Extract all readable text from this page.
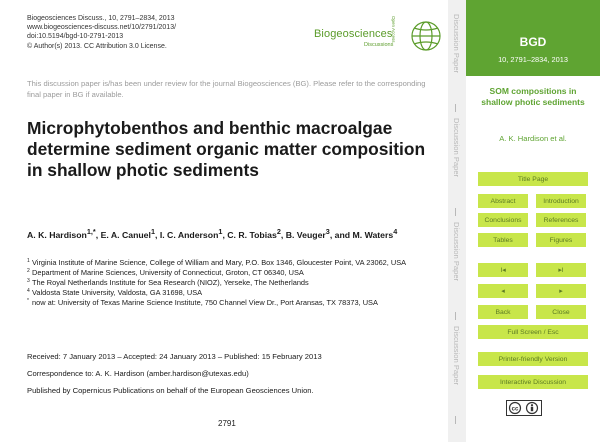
Biogeosciences Discuss., 10, 2791–2834, 2013
www.biogeosciences-discuss.net/10/2791/2013/
doi:10.5194/bgd-10-2791-2013
© Author(s) 2013. CC Attribution 3.0 License.
Biogeosciences
Discussions
Open Access
This discussion paper is/has been under review for the journal Biogeosciences (BG). Please refer to the corresponding final paper in BG if available.
Microphytobenthos and benthic macroalgae determine sediment organic matter composition in shallow photic sediments
A. K. Hardison$^{1,*}$, E. A. Canuel$^1$, I. C. Anderson$^1$, C. R. Tobias$^2$, B. Veuger$^3$, and M. Waters$^4$
1 Virginia Institute of Marine Science, College of William and Mary, P.O. Box 1346, Gloucester Point, VA 23062, USA
2 Department of Marine Sciences, University of Connecticut, Groton, CT 06340, USA
3 The Royal Netherlands Institute for Sea Research (NIOZ), Yerseke, The Netherlands
4 Valdosta State University, Valdosta, GA 31698, USA
* now at: University of Texas Marine Science Institute, 750 Channel View Dr., Port Aransas, TX 78373, USA
Received: 7 January 2013 – Accepted: 24 January 2013 – Published: 15 February 2013
Correspondence to: A. K. Hardison (amber.hardison@utexas.edu)
Published by Copernicus Publications on behalf of the European Geosciences Union.
2791
Discussion Paper
Discussion Paper
Discussion Paper
Discussion Paper
BGD
10, 2791–2834, 2013
SOM compositions in shallow photic sediments
A. K. Hardison et al.
Title Page
Abstract	Introduction
Conclusions	References
Tables	Figures
I◂	▸I
◂	▸
Back	Close
Full Screen / Esc
Printer-friendly Version
Interactive Discussion
cc
